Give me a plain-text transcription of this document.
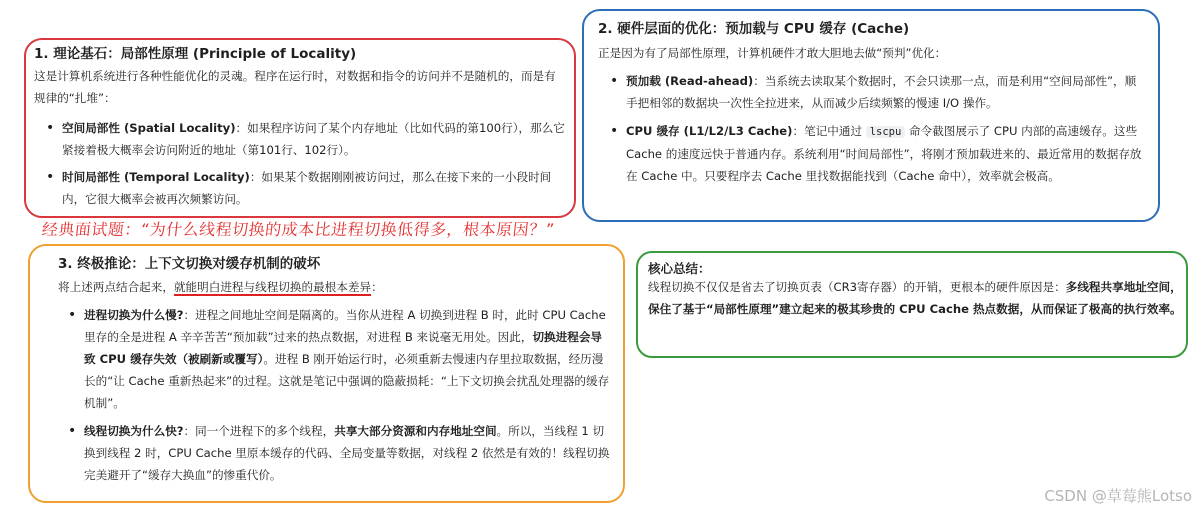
1. 理论基石：局部性原理 (Principle of Locality)
这是计算机系统进行各种性能优化的灵魂。程序在运行时，对数据和指令的访问并不是随机的，而是有规律的“扎堆”：
• 空间局部性 (Spatial Locality)：如果程序访问了某个内存地址（比如代码的第100行），那么它紧接着极大概率会访问附近的地址（第101行、102行）。
• 时间局部性 (Temporal Locality)：如果某个数据刚刚被访问过，那么在接下来的一小段时间内，它很大概率会被再次频繁访问。
2. 硬件层面的优化：预加载与 CPU 缓存 (Cache)
正是因为有了局部性原理，计算机硬件才敢大胆地去做“预判”优化：
• 预加载 (Read-ahead)：当系统去读取某个数据时，不会只读那一点，而是利用“空间局部性”，顺手把相邻的数据块一次性全拉进来，从而减少后续频繁的慢速 I/O 操作。
• CPU 缓存 (L1/L2/L3 Cache)：笔记中通过 lscpu 命令截图展示了 CPU 内部的高速缓存。这些 Cache 的速度远快于普通内存。系统利用“时间局部性”，将刚才预加载进来的、最近常用的数据存放在 Cache 中。只要程序去 Cache 里找数据能找到（Cache 命中），效率就会极高。
经典面试题：“为什么线程切换的成本比进程切换低得多，根本原因？”
3. 终极推论：上下文切换对缓存机制的破坏
将上述两点结合起来，就能明白进程与线程切换的最根本差异：
• 进程切换为什么慢?：进程之间地址空间是隔离的。当你从进程 A 切换到进程 B 时，此时 CPU Cache 里存的全是进程 A 辛辛苦苦“预加载”过来的热点数据，对进程 B 来说毫无用处。因此，切换进程会导致 CPU 缓存失效（被刷新或覆写）。进程 B 刚开始运行时，必须重新去慢速内存里拉取数据，经历漫长的“让 Cache 重新热起来”的过程。这就是笔记中强调的隐蔽损耗：“上下文切换会扰乱处理器的缓存机制”。
• 线程切换为什么快?：同一个进程下的多个线程，共享大部分资源和内存地址空间。所以，当线程 1 切换到线程 2 时，CPU Cache 里原本缓存的代码、全局变量等数据，对线程 2 依然是有效的！线程切换完美避开了“缓存大换血”的惨重代价。
核心总结：
线程切换不仅仅是省去了切换页表（CR3寄存器）的开销，更根本的硬件原因是：多线程共享地址空间，保住了基于“局部性原理”建立起来的极其珍贵的 CPU Cache 热点数据，从而保证了极高的执行效率。
CSDN @草莓熊Lotso
